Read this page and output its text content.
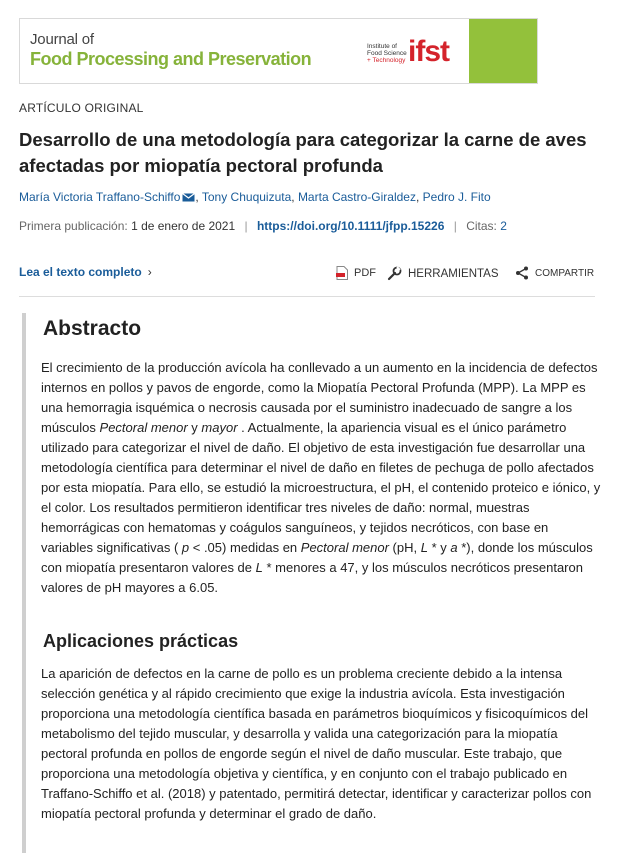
Journal of
Food Processing and Preservation
Institute of
Food Science
+ Technology ifst
ARTÍCULO ORIGINAL
Desarrollo de una metodología para categorizar la carne de aves afectadas por miopatía pectoral profunda
María Victoria Traffano-Schiffo , Tony Chuquizuta, Marta Castro-Giraldez, Pedro J. Fito
Primera publicación: 1 de enero de 2021 | https://doi.org/10.1111/jfpp.15226 | Citas: 2
Lea el texto completo ›	PDF	HERRAMIENTAS	COMPARTIR
Abstracto

El crecimiento de la producción avícola ha conllevado a un aumento en la incidencia de defectos internos en pollos y pavos de engorde, como la Miopatía Pectoral Profunda (MPP). La MPP es una hemorragia isquémica o necrosis causada por el suministro inadecuado de sangre a los músculos Pectoral menor y mayor . Actualmente, la apariencia visual es el único parámetro utilizado para categorizar el nivel de daño. El objetivo de esta investigación fue desarrollar una metodología científica para determinar el nivel de daño en filetes de pechuga de pollo afectados por esta miopatía. Para ello, se estudió la microestructura, el pH, el contenido proteico e iónico, y el color. Los resultados permitieron identificar tres niveles de daño: normal, muestras hemorrágicas con hematomas y coágulos sanguíneos, y tejidos necróticos, con base en variables significativas ( p < .05) medidas en Pectoral menor (pH, L * y a *), donde los músculos con miopatía presentaron valores de L * menores a 47, y los músculos necróticos presentaron valores de pH mayores a 6.05.

Aplicaciones prácticas

La aparición de defectos en la carne de pollo es un problema creciente debido a la intensa selección genética y al rápido crecimiento que exige la industria avícola. Esta investigación proporciona una metodología científica basada en parámetros bioquímicos y fisicoquímicos del metabolismo del tejido muscular, y desarrolla y valida una categorización para la miopatía pectoral profunda en pollos de engorde según el nivel de daño muscular. Este trabajo, que proporciona una metodología objetiva y científica, y en conjunto con el trabajo publicado en Traffano-Schiffo et al. (2018) y patentado, permitirá detectar, identificar y caracterizar pollos con miopatía pectoral profunda y determinar el grado de daño.
